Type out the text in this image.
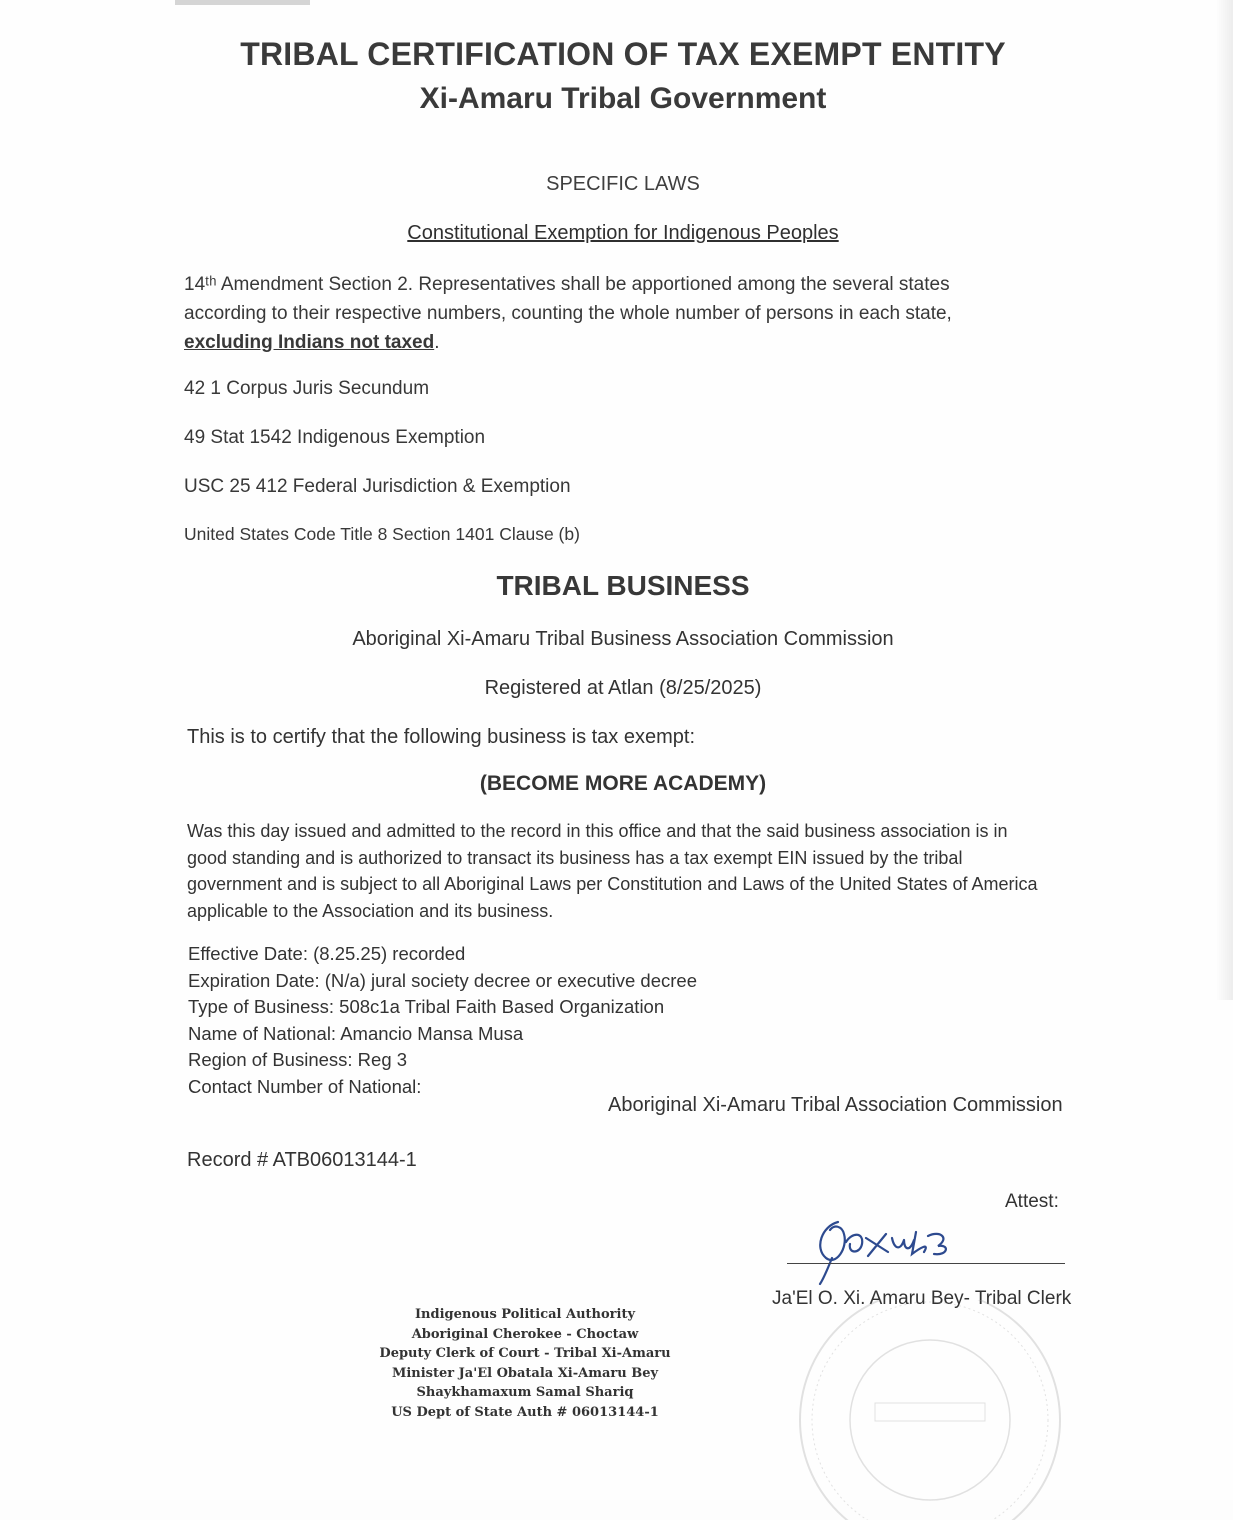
TRIBAL CERTIFICATION OF TAX EXEMPT ENTITY
Xi-Amaru Tribal Government
SPECIFIC LAWS
Constitutional Exemption for Indigenous Peoples
14ᵗʰ Amendment Section 2. Representatives shall be apportioned among the several states
according to their respective numbers, counting the whole number of persons in each state,
excluding Indians not taxed.
42 1 Corpus Juris Secundum
49 Stat 1542 Indigenous Exemption
USC 25 412 Federal Jurisdiction & Exemption
United States Code Title 8 Section 1401 Clause (b)
TRIBAL BUSINESS
Aboriginal Xi-Amaru Tribal Business Association Commission
Registered at Atlan (8/25/2025)
This is to certify that the following business is tax exempt:
(BECOME MORE ACADEMY)
Was this day issued and admitted to the record in this office and that the said business association is in
good standing and is authorized to transact its business has a tax exempt EIN issued by the tribal
government and is subject to all Aboriginal Laws per Constitution and Laws of the United States of America
applicable to the Association and its business.
Effective Date: (8.25.25) recorded
Expiration Date: (N/a) jural society decree or executive decree
Type of Business: 508c1a Tribal Faith Based Organization
Name of National: Amancio Mansa Musa
Region of Business: Reg 3
Contact Number of National:
Aboriginal Xi-Amaru Tribal Association Commission
Record # ATB06013144-1
Attest:
Ja'El O. Xi. Amaru Bey- Tribal Clerk
Indigenous Political Authority
Aboriginal Cherokee - Choctaw
Deputy Clerk of Court - Tribal Xi-Amaru
Minister Ja'El Obatala Xi-Amaru Bey
Shaykhamaxum Samal Shariq
US Dept of State Auth # 06013144-1
